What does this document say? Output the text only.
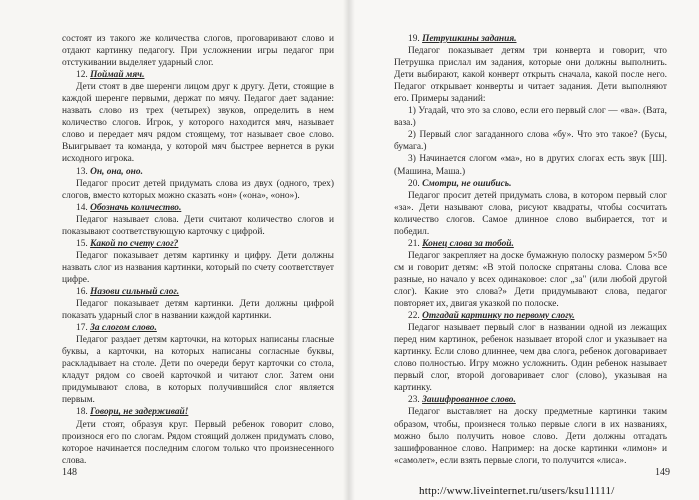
состоят из такого же количества слогов, проговаривают слово и отдают картинку педагогу. При усложнении игры педагог при отстукивании выделяет ударный слог.

12. Поймай мяч.

Дети стоят в две шеренги лицом друг к другу. Дети, стоящие в каждой шеренге первыми, держат по мячу. Педагог дает задание: назвать слово из трех (четырех) звуков, определить в нем количество слогов. Игрок, у которого находится мяч, называет слово и передает мяч рядом стоящему, тот называет свое слово. Выигрывает та команда, у которой мяч быстрее вернется в руки исходного игрока.

13. Он, она, оно.

Педагог просит детей придумать слова из двух (одного, трех) слогов, вместо которых можно сказать «он» («она», «оно»).

14. Обозначь количество.

Педагог называет слова. Дети считают количество слогов и показывают соответствующую карточку с цифрой.

15. Какой по счету слог?

Педагог показывает детям картинку и цифру. Дети должны назвать слог из названия картинки, который по счету соответствует цифре.

16. Назови сильный слог.

Педагог показывает детям картинки. Дети должны цифрой показать ударный слог в названии каждой картинки.

17. За слогом слово.

Педагог раздает детям карточки, на которых написаны гласные буквы, а карточки, на которых написаны согласные буквы, раскладывает на столе. Дети по очереди берут карточки со стола, кладут рядом со своей карточкой и читают слог. Затем они придумывают слова, в которых получившийся слог является первым.

18. Говори, не задерживай!

Дети стоят, образуя круг. Первый ребенок говорит слово, произнося его по слогам. Рядом стоящий должен придумать слово, которое начинается последним слогом только что произнесенного слова.

148

19. Петрушкины задания.

Педагог показывает детям три конверта и говорит, что Петрушка прислал им задания, которые они должны выполнить. Дети выбирают, какой конверт открыть сначала, какой после него. Педагог открывает конверты и читает задания. Дети выполняют его. Примеры заданий:

1) Угадай, что это за слово, если его первый слог — «ва». (Вата, ваза.)

2) Первый слог загаданного слова «бу». Что это такое? (Бусы, бумага.)

3) Начинается слогом «ма», но в других слогах есть звук [Ш]. (Машина, Маша.)

20. Смотри, не ошибись.

Педагог просит детей придумать слова, в котором первый слог «за». Дети называют слова, рисуют квадраты, чтобы сосчитать количество слогов. Самое длинное слово выбирается, тот и победил.

21. Конец слова за тобой.

Педагог закрепляет на доске бумажную полоску размером 5×50 см и говорит детям: «В этой полоске спрятаны слова. Слова все разные, но начало у всех одинаковое: слог „за" (или любой другой слог). Какие это слова?» Дети придумывают слова, педагог повторяет их, двигая указкой по полоске.

22. Отгадай картинку по первому слогу.

Педагог называет первый слог в названии одной из лежащих перед ним картинок, ребенок называет второй слог и указывает на картинку. Если слово длиннее, чем два слога, ребенок договаривает слово полностью. Игру можно усложнить. Один ребенок называет первый слог, второй договаривает слог (слово), указывая на картинку.

23. Зашифрованное слово.

Педагог выставляет на доску предметные картинки таким образом, чтобы, произнеся только первые слоги в их названиях, можно было получить новое слово. Дети должны отгадать зашифрованное слово. Например: на доске картинки «лимон» и «самолет», если взять первые слоги, то получится «лиса».

149
http://www.liveinternet.ru/users/ksu11111/
